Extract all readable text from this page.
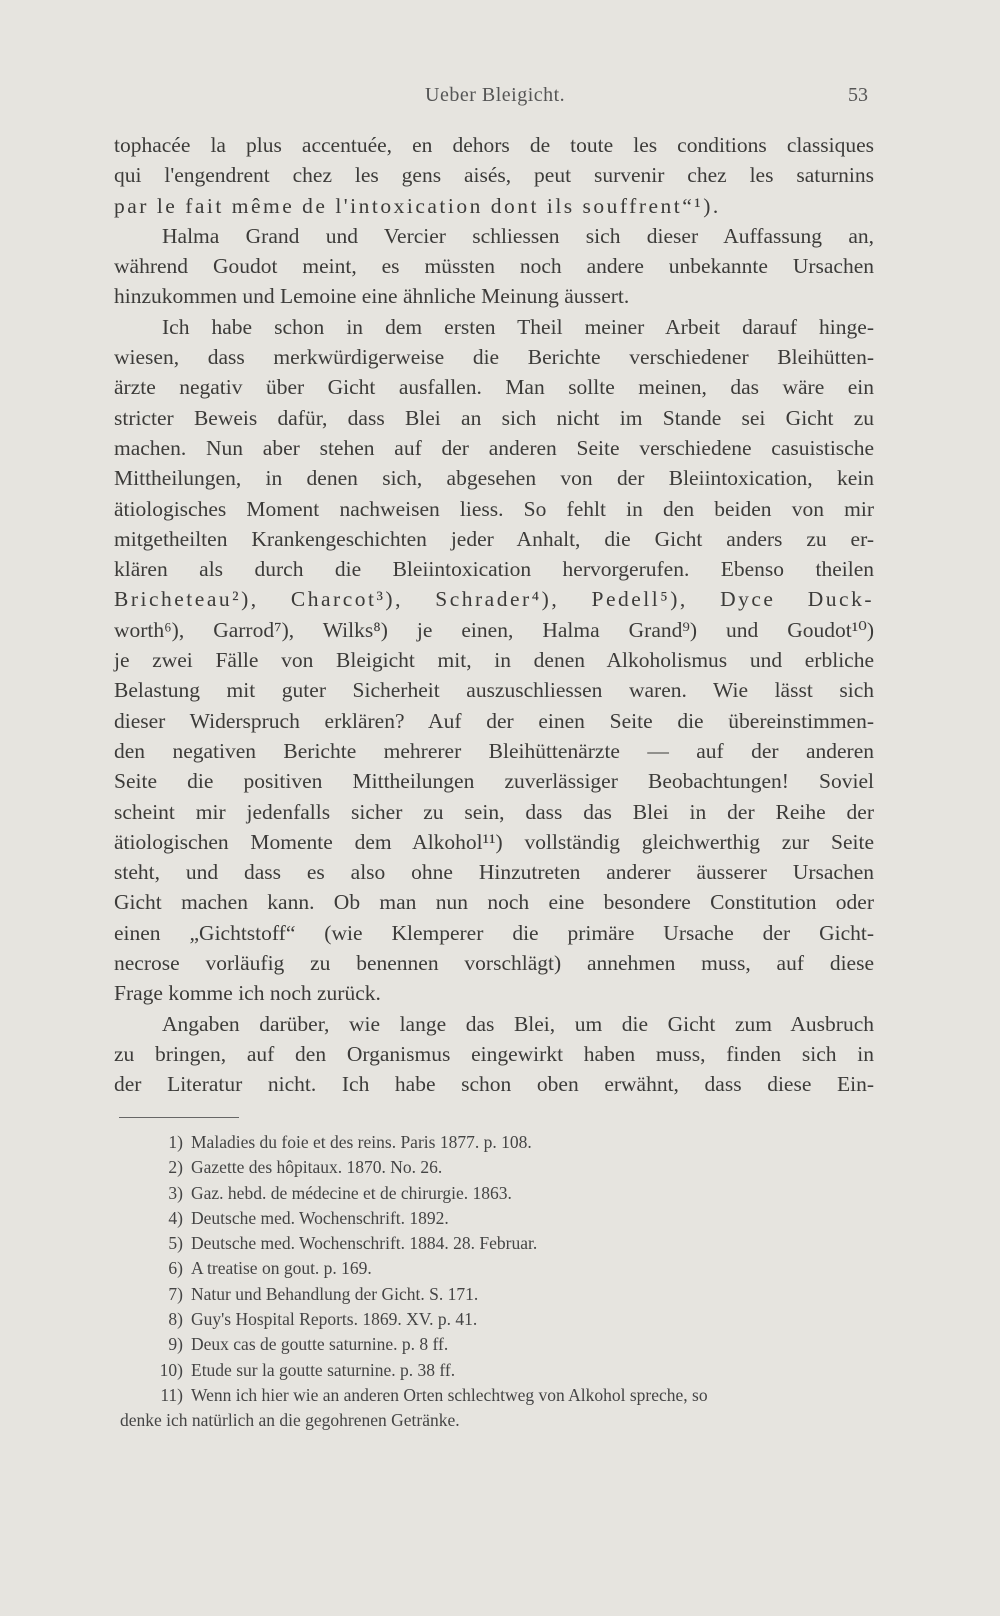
Ueber Bleigicht.	53
tophacée la plus accentuée, en dehors de toute les conditions classiques
qui l'engendrent chez les gens aisés, peut survenir chez les saturnins
par le fait même de l'intoxication dont ils souffrent“¹).
Halma Grand und Vercier schliessen sich dieser Auffassung an,
während Goudot meint, es müssten noch andere unbekannte Ursachen
hinzukommen und Lemoine eine ähnliche Meinung äussert.
Ich habe schon in dem ersten Theil meiner Arbeit darauf hinge-
wiesen, dass merkwürdigerweise die Berichte verschiedener Bleihütten-
ärzte negativ über Gicht ausfallen. Man sollte meinen, das wäre ein
stricter Beweis dafür, dass Blei an sich nicht im Stande sei Gicht zu
machen. Nun aber stehen auf der anderen Seite verschiedene casuistische
Mittheilungen, in denen sich, abgesehen von der Bleiintoxication, kein
ätiologisches Moment nachweisen liess. So fehlt in den beiden von mir
mitgetheilten Krankengeschichten jeder Anhalt, die Gicht anders zu er-
klären als durch die Bleiintoxication hervorgerufen. Ebenso theilen
Bricheteau²), Charcot³), Schrader⁴), Pedell⁵), Dyce Duck-
worth⁶), Garrod⁷), Wilks⁸) je einen, Halma Grand⁹) und Goudot¹⁰)
je zwei Fälle von Bleigicht mit, in denen Alkoholismus und erbliche
Belastung mit guter Sicherheit auszuschliessen waren. Wie lässt sich
dieser Widerspruch erklären? Auf der einen Seite die übereinstimmen-
den negativen Berichte mehrerer Bleihüttenärzte — auf der anderen
Seite die positiven Mittheilungen zuverlässiger Beobachtungen! Soviel
scheint mir jedenfalls sicher zu sein, dass das Blei in der Reihe der
ätiologischen Momente dem Alkohol¹¹) vollständig gleichwerthig zur Seite
steht, und dass es also ohne Hinzutreten anderer äusserer Ursachen
Gicht machen kann. Ob man nun noch eine besondere Constitution oder
einen „Gichtstoff“ (wie Klemperer die primäre Ursache der Gicht-
necrose vorläufig zu benennen vorschlägt) annehmen muss, auf diese
Frage komme ich noch zurück.
Angaben darüber, wie lange das Blei, um die Gicht zum Ausbruch
zu bringen, auf den Organismus eingewirkt haben muss, finden sich in
der Literatur nicht. Ich habe schon oben erwähnt, dass diese Ein-
1) Maladies du foie et des reins. Paris 1877. p. 108.
2) Gazette des hôpitaux. 1870. No. 26.
3) Gaz. hebd. de médecine et de chirurgie. 1863.
4) Deutsche med. Wochenschrift. 1892.
5) Deutsche med. Wochenschrift. 1884. 28. Februar.
6) A treatise on gout. p. 169.
7) Natur und Behandlung der Gicht. S. 171.
8) Guy's Hospital Reports. 1869. XV. p. 41.
9) Deux cas de goutte saturnine. p. 8 ff.
10) Etude sur la goutte saturnine. p. 38 ff.
11) Wenn ich hier wie an anderen Orten schlechtweg von Alkohol spreche, so
denke ich natürlich an die gegohrenen Getränke.
